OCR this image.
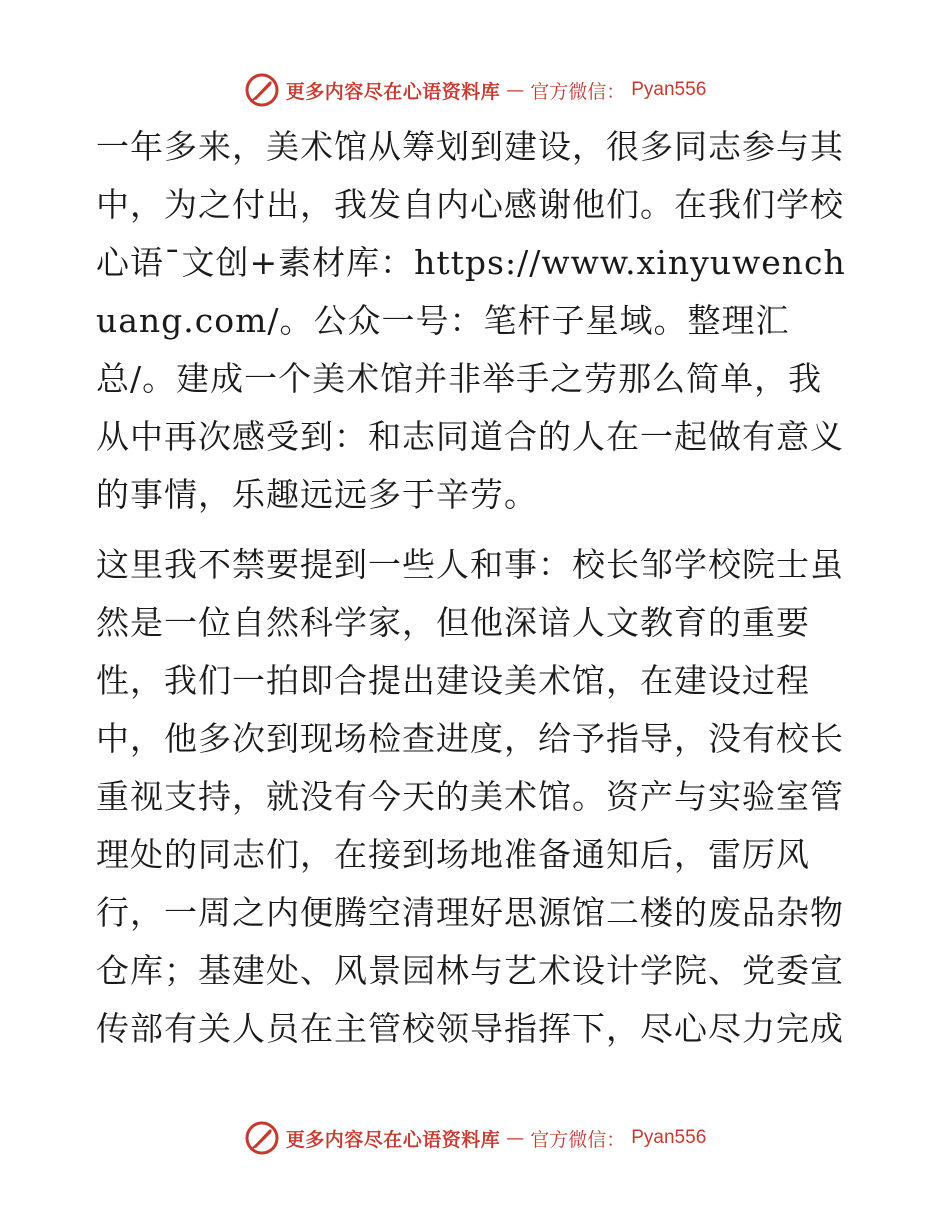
更多内容尽在心语资料库 — 官方微信： Pyan556

一年多来，美术馆从筹划到建设，很多同志参与其中，为之付出，我发自内心感谢他们。在我们学校心语¯文创+素材库：https://www.xinyuwenchuang.com/。公众一号：笔杆子星域。整理汇总/。建成一个美术馆并非举手之劳那么简单，我从中再次感受到：和志同道合的人在一起做有意义的事情，乐趣远远多于辛劳。

这里我不禁要提到一些人和事：校长邹学校院士虽然是一位自然科学家，但他深谙人文教育的重要性，我们一拍即合提出建设美术馆，在建设过程中，他多次到现场检查进度，给予指导，没有校长重视支持，就没有今天的美术馆。资产与实验室管理处的同志们，在接到场地准备通知后，雷厉风行，一周之内便腾空清理好思源馆二楼的废品杂物仓库；基建处、风景园林与艺术设计学院、党委宣传部有关人员在主管校领导指挥下，尽心尽力完成

更多内容尽在心语资料库 — 官方微信： Pyan556
